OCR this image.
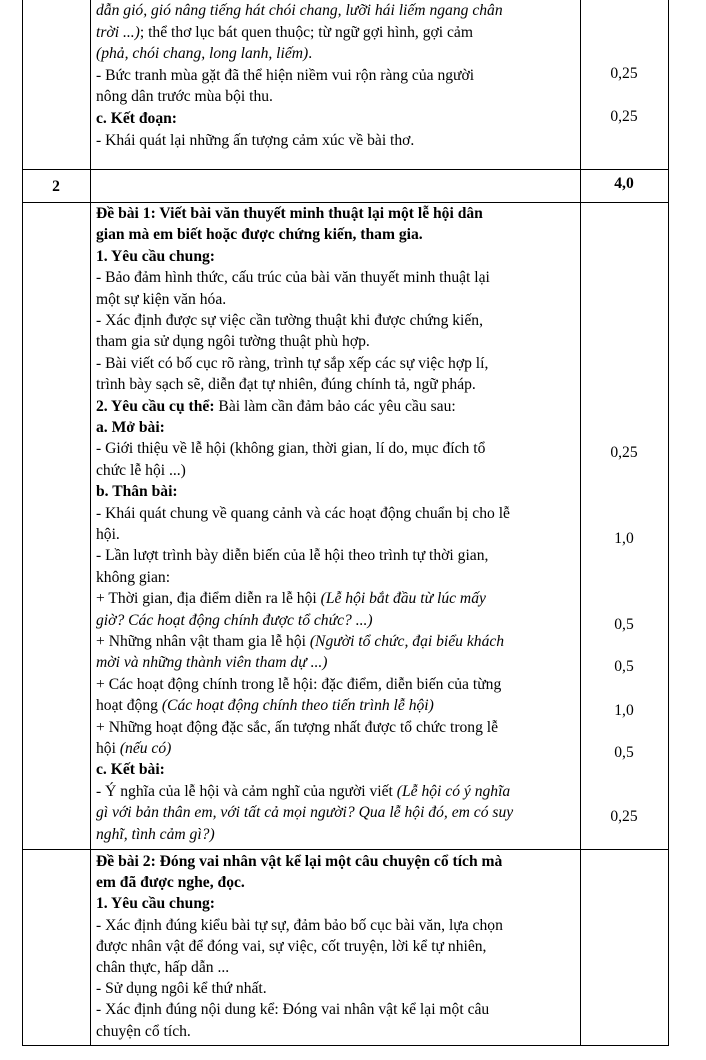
dẫn gió, gió nâng tiếng hát chói chang, lưỡi hái liếm ngang chân
trời ...); thể thơ lục bát quen thuộc; từ ngữ gợi hình, gợi cảm
(phả, chói chang, long lanh, liếm).
- Bức tranh mùa gặt đã thể hiện niềm vui rộn ràng của người
nông dân trước mùa bội thu.
c. Kết đoạn:
- Khái quát lại những ấn tượng cảm xúc về bài thơ.
0,25
0,25
2	4,0
Đề bài 1: Viết bài văn thuyết minh thuật lại một lễ hội dân
gian mà em biết hoặc được chứng kiến, tham gia.
1. Yêu cầu chung:
- Bảo đảm hình thức, cấu trúc của bài văn thuyết minh thuật lại
một sự kiện văn hóa.
- Xác định được sự việc cần tường thuật khi được chứng kiến,
tham gia sử dụng ngôi tường thuật phù hợp.
- Bài viết có bố cục rõ ràng, trình tự sắp xếp các sự việc hợp lí,
trình bày sạch sẽ, diễn đạt tự nhiên, đúng chính tả, ngữ pháp.
2. Yêu cầu cụ thể: Bài làm cần đảm bảo các yêu cầu sau:
a. Mở bài:
- Giới thiệu về lễ hội (không gian, thời gian, lí do, mục đích tổ
chức lễ hội ...)
b. Thân bài:
- Khái quát chung về quang cảnh và các hoạt động chuẩn bị cho lễ
hội.
- Lần lượt trình bày diễn biến của lễ hội theo trình tự thời gian,
không gian:
+ Thời gian, địa điểm diễn ra lễ hội (Lễ hội bắt đầu từ lúc mấy
giờ? Các hoạt động chính được tổ chức? ...)
+ Những nhân vật tham gia lễ hội (Người tổ chức, đại biểu khách
mời và những thành viên tham dự ...)
+ Các hoạt động chính trong lễ hội: đặc điểm, diễn biến của từng
hoạt động (Các hoạt động chính theo tiến trình lễ hội)
+ Những hoạt động đặc sắc, ấn tượng nhất được tổ chức trong lễ
hội (nếu có)
c. Kết bài:
- Ý nghĩa của lễ hội và cảm nghĩ của người viết (Lễ hội có ý nghĩa
gì với bản thân em, với tất cả mọi người? Qua lễ hội đó, em có suy
nghĩ, tình cảm gì?)
0,25
1,0
0,5
0,5
1,0
0,5
0,25
Đề bài 2: Đóng vai nhân vật kể lại một câu chuyện cổ tích mà
em đã được nghe, đọc.
1. Yêu cầu chung:
- Xác định đúng kiểu bài tự sự, đảm bảo bố cục bài văn, lựa chọn
được nhân vật để đóng vai, sự việc, cốt truyện, lời kể tự nhiên,
chân thực, hấp dẫn ...
- Sử dụng ngôi kể thứ nhất.
- Xác định đúng nội dung kể: Đóng vai nhân vật kể lại một câu
chuyện cổ tích.
